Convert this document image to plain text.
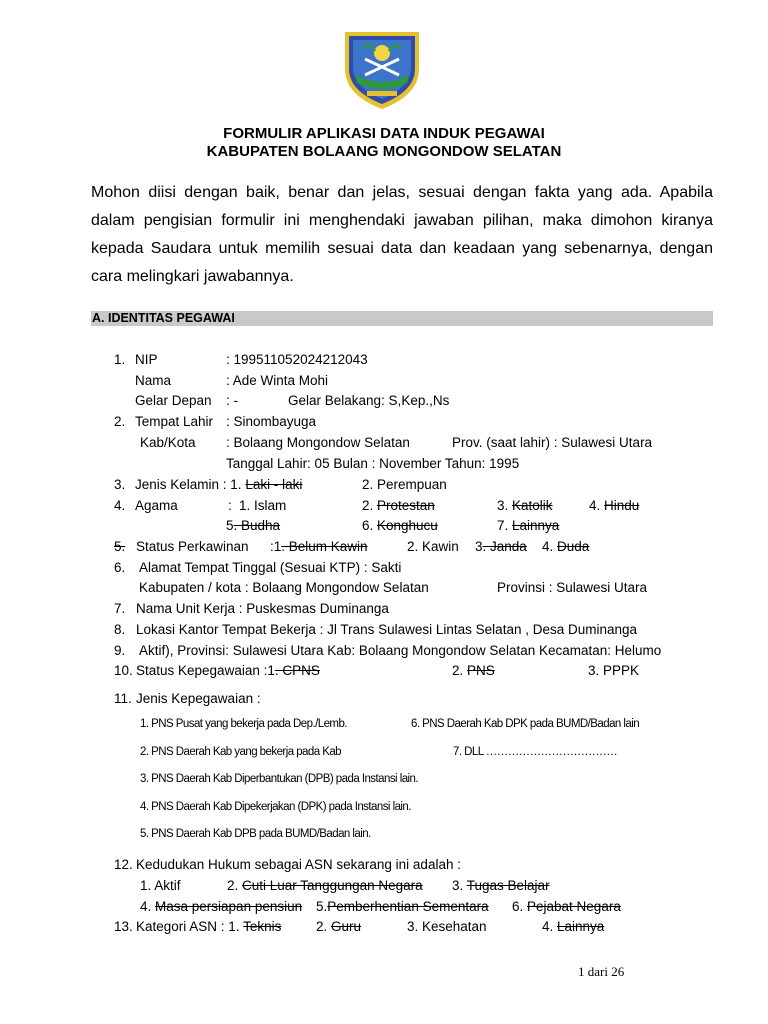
FORMULIR APLIKASI DATA INDUK PEGAWAI
KABUPATEN BOLAANG MONGONDOW SELATAN
Mohon diisi dengan baik, benar dan jelas, sesuai dengan fakta yang ada. Apabila dalam pengisian formulir ini menghendaki jawaban pilihan, maka dimohon kiranya kepada Saudara untuk memilih sesuai data dan keadaan yang sebenarnya, dengan cara melingkari jawabannya.
A. IDENTITAS PEGAWAI
1. NIP	: 199511052024212043
Nama	: Ade Winta Mohi
Gelar Depan : -	Gelar Belakang: S,Kep.,Ns
2. Tempat Lahir : Sinombayuga
Kab/Kota : Bolaang Mongondow Selatan	Prov. (saat lahir) : Sulawesi Utara
Tanggal Lahir: 05 Bulan : November Tahun: 1995
3. Jenis Kelamin : 1. Laki - laki	2. Perempuan
4. Agama	: 1. Islam	2. Protestan	3. Katolik	4. Hindu
5. Budha	6. Konghucu	7. Lainnya
5. Status Perkawinan :1. Belum Kawin	2. Kawin 3. Janda 4. Duda
6. Alamat Tempat Tinggal (Sesuai KTP) : Sakti
Kabupaten / kota : Bolaang Mongondow Selatan	Provinsi : Sulawesi Utara
7. Nama Unit Kerja : Puskesmas Duminanga
8. Lokasi Kantor Tempat Bekerja : Jl Trans Sulawesi Lintas Selatan , Desa Duminanga
9. Aktif), Provinsi: Sulawesi Utara Kab: Bolaang Mongondow Selatan Kecamatan: Helumo
10. Status Kepegawaian :1. CPNS	2. PNS	3. PPPK
11. Jenis Kepegawaian :
1. PNS Pusat yang bekerja pada Dep./Lemb.	6. PNS Daerah Kab DPK pada BUMD/Badan lain
2. PNS Daerah Kab yang bekerja pada Kab	7. DLL ………………………………
3. PNS Daerah Kab Diperbantukan (DPB) pada Instansi lain.
4. PNS Daerah Kab Dipekerjakan (DPK) pada Instansi lain.
5. PNS Daerah Kab DPB pada BUMD/Badan lain.
12. Kedudukan Hukum sebagai ASN sekarang ini adalah :
1. Aktif	2. Cuti Luar Tanggungan Negara 3. Tugas Belajar
4. Masa persiapan pensiun 5.Pemberhentian Sementara 6. Pejabat Negara
13. Kategori ASN : 1. Teknis	2. Guru	3. Kesehatan	4. Lainnya
1 dari 26
